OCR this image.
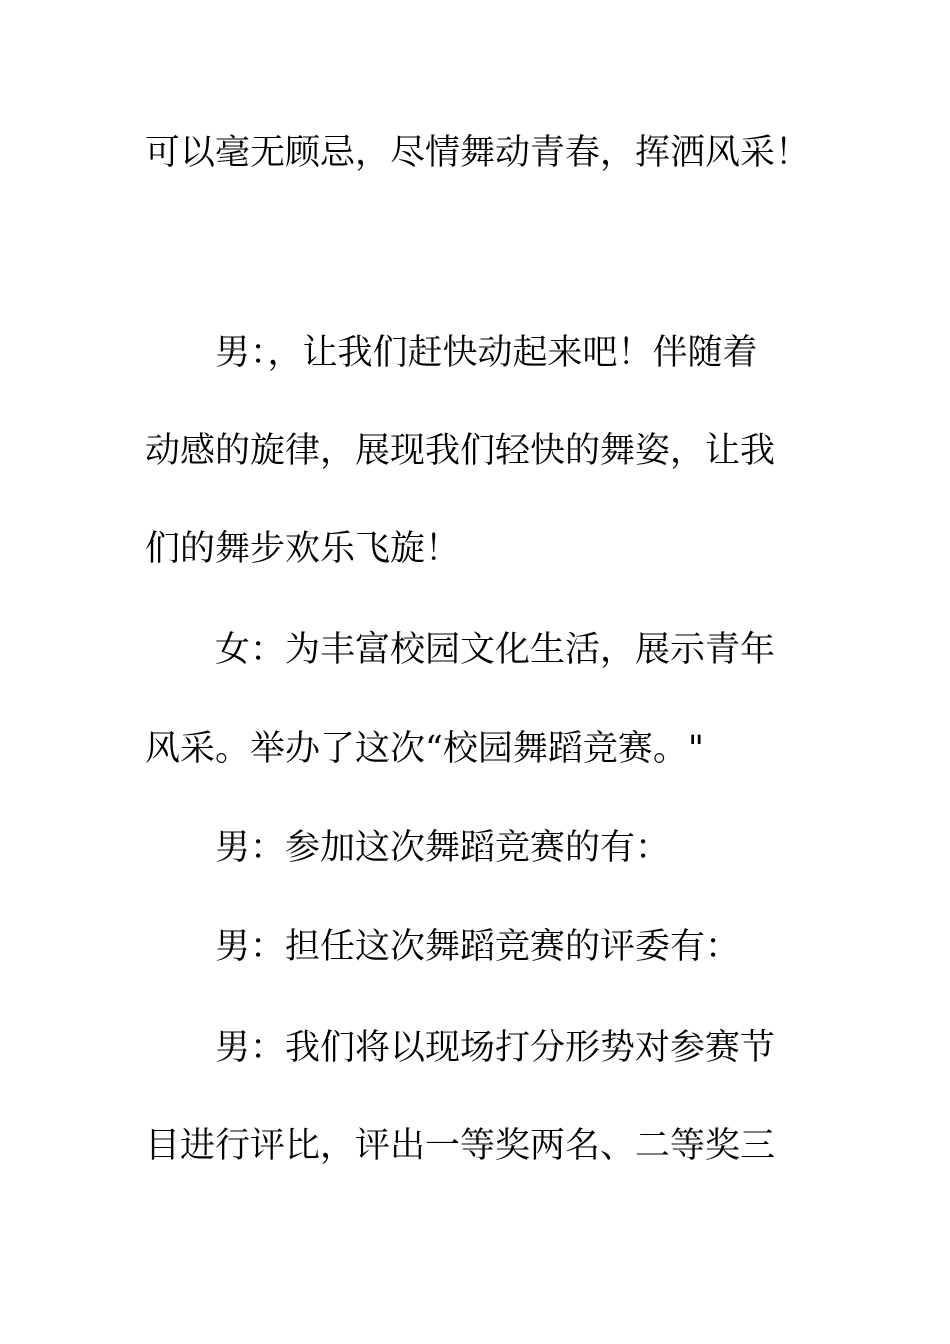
可以毫无顾忌，尽情舞动青春，挥洒风采！
男：，让我们赶快动起来吧！伴随着
动感的旋律，展现我们轻快的舞姿，让我
们的舞步欢乐飞旋！
女：为丰富校园文化生活，展示青年
风采。举办了这次“校园舞蹈竞赛。"
男：参加这次舞蹈竞赛的有：
男：担任这次舞蹈竞赛的评委有：
男：我们将以现场打分形势对参赛节
目进行评比，评出一等奖两名、二等奖三
